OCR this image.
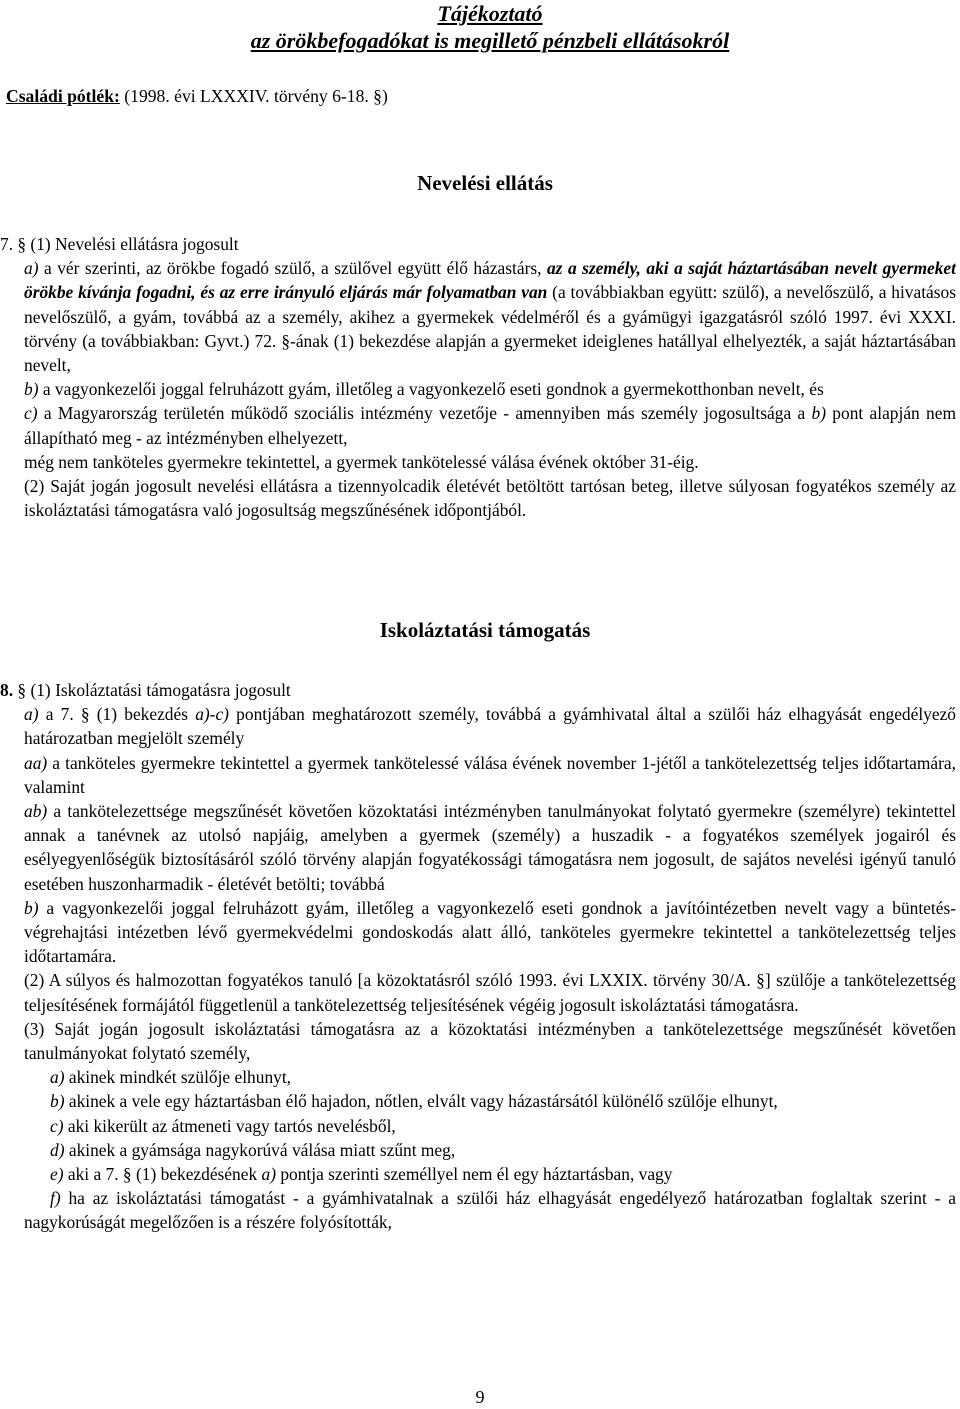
Tájékoztató
az örökbefogadókat is megillető pénzbeli ellátásokról
Családi pótlék: (1998. évi LXXXIV. törvény 6-18. §)
Nevelési ellátás

7. § (1) Nevelési ellátásra jogosult

a) a vér szerinti, az örökbe fogadó szülő, a szülővel együtt élő házastárs, az a személy, aki a saját háztartásában nevelt gyermeket örökbe kívánja fogadni, és az erre irányuló eljárás már folyamatban van (a továbbiakban együtt: szülő), a nevelőszülő, a hivatásos nevelőszülő, a gyám, továbbá az a személy, akihez a gyermekek védelméről és a gyámügyi igazgatásról szóló 1997. évi XXXI. törvény (a továbbiakban: Gyvt.) 72. §-ának (1) bekezdése alapján a gyermeket ideiglenes hatállyal elhelyezték, a saját háztartásában nevelt,

b) a vagyonkezelői joggal felruházott gyám, illetőleg a vagyonkezelő eseti gondnok a gyermekotthonban nevelt, és

c) a Magyarország területén működő szociális intézmény vezetője - amennyiben más személy jogosultsága a b) pont alapján nem állapítható meg - az intézményben elhelyezett,

még nem tanköteles gyermekre tekintettel, a gyermek tankötelessé válása évének október 31-éig.

(2) Saját jogán jogosult nevelési ellátásra a tizennyolcadik életévét betöltött tartósan beteg, illetve súlyosan fogyatékos személy az iskoláztatási támogatásra való jogosultság megszűnésének időpontjából.

Iskoláztatási támogatás

8. § (1) Iskoláztatási támogatásra jogosult

a) a 7. § (1) bekezdés a)-c) pontjában meghatározott személy, továbbá a gyámhivatal által a szülői ház elhagyását engedélyező határozatban megjelölt személy

aa) a tanköteles gyermekre tekintettel a gyermek tankötelessé válása évének november 1-jétől a tankötelezettség teljes időtartamára, valamint

ab) a tankötelezettsége megszűnését követően közoktatási intézményben tanulmányokat folytató gyermekre (személyre) tekintettel annak a tanévnek az utolsó napjáig, amelyben a gyermek (személy) a huszadik - a fogyatékos személyek jogairól és esélyegyenlőségük biztosításáról szóló törvény alapján fogyatékossági támogatásra nem jogosult, de sajátos nevelési igényű tanuló esetében huszonharmadik - életévét betölti; továbbá

b) a vagyonkezelői joggal felruházott gyám, illetőleg a vagyonkezelő eseti gondnok a javítóintézetben nevelt vagy a büntetés-végrehajtási intézetben lévő gyermekvédelmi gondoskodás alatt álló, tanköteles gyermekre tekintettel a tankötelezettség teljes időtartamára.

(2) A súlyos és halmozottan fogyatékos tanuló [a közoktatásról szóló 1993. évi LXXIX. törvény 30/A. §] szülője a tankötelezettség teljesítésének formájától függetlenül a tankötelezettség teljesítésének végéig jogosult iskoláztatási támogatásra.

(3) Saját jogán jogosult iskoláztatási támogatásra az a közoktatási intézményben a tankötelezettsége megszűnését követően tanulmányokat folytató személy,

a) akinek mindkét szülője elhunyt,

b) akinek a vele egy háztartásban élő hajadon, nőtlen, elvált vagy házastársától különélő szülője elhunyt,

c) aki kikerült az átmeneti vagy tartós nevelésből,

d) akinek a gyámsága nagykorúvá válása miatt szűnt meg,

e) aki a 7. § (1) bekezdésének a) pontja szerinti személlyel nem él egy háztartásban, vagy

f) ha az iskoláztatási támogatást - a gyámhivatalnak a szülői ház elhagyását engedélyező határozatban foglaltak szerint - a nagykorúságát megelőzően is a részére folyósították,

9
